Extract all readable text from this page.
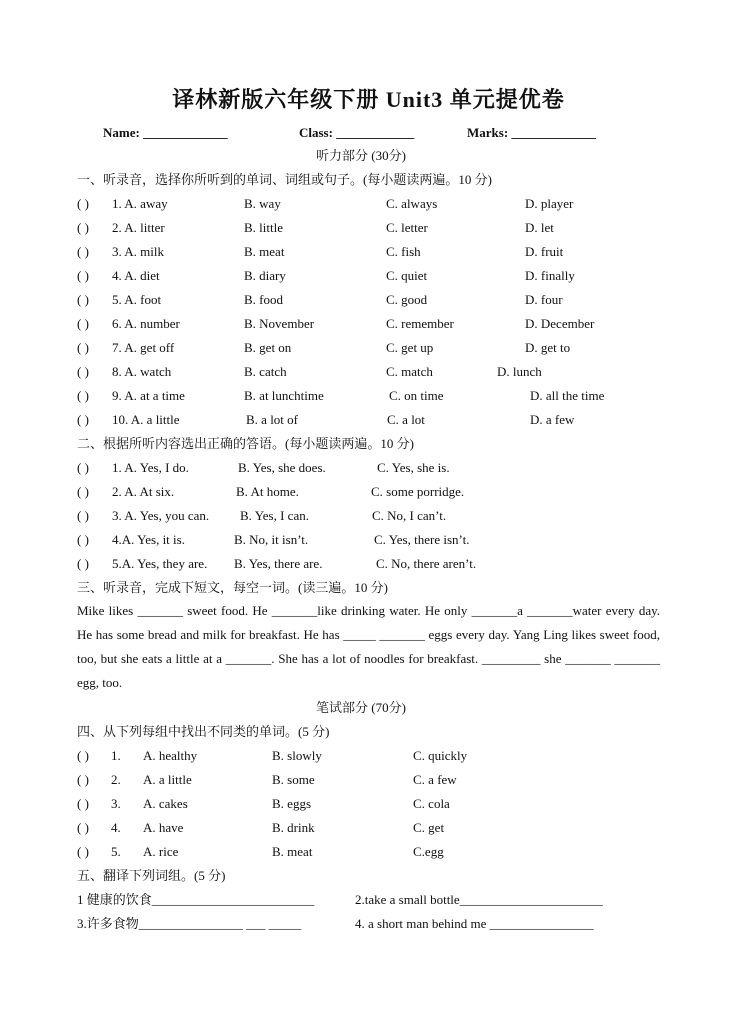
译林新版六年级下册 Unit3 单元提优卷
Name: _____________	Class: ____________	Marks: _____________
听力部分 (30分)
一、听录音，选择你所听到的单词、词组或句子。(每小题读两遍。10 分)
( ) 1. A. away	B. way	C. always	D. player
( ) 2. A. litter	B. little	C. letter	D. let
( ) 3. A. milk	B. meat	C. fish	D. fruit
( ) 4. A. diet	B. diary	C. quiet	D. finally
( ) 5. A. foot	B. food	C. good	D. four
( ) 6. A. number	B. November	C. remember	D. December
( ) 7. A. get off	B. get on	C. get up	D. get to
( ) 8. A. watch	B. catch	C. match	D. lunch
( ) 9. A. at a time	B. at lunchtime	C. on time	D. all the time
( ) 10. A. a little	B. a lot of	C. a lot	D. a few
二、根据所听内容选出正确的答语。(每小题读两遍。10 分)
( ) 1. A. Yes, I do.	B. Yes, she does.	C. Yes, she is.
( ) 2. A. At six.	B. At home.	C. some porridge.
( ) 3. A. Yes, you can. B. Yes, I can.	C. No, I can’t.
( ) 4.A. Yes, it is.	B. No, it isn’t.	C. Yes, there isn’t.
( ) 5.A. Yes, they are. B. Yes, there are.	C. No, there aren’t.
三、听录音，完成下短文，每空一词。(读三遍。10 分)
Mike likes _______ sweet food. He _______like drinking water. He only _______a _______water every day. He has some bread and milk for breakfast. He has _____ _______ eggs every day. Yang Ling likes sweet food, too, but she eats a little at a _______. She has a lot of noodles for breakfast. _________ she _______ _______ egg, too.
笔试部分 (70分)
四、从下列每组中找出不同类的单词。(5 分)
( ) 1. A. healthy	B. slowly	C. quickly
( ) 2. A. a little	B. some	C. a few
( ) 3. A. cakes	B. eggs	C. cola
( ) 4. A. have	B. drink	C. get
( ) 5. A. rice	B. meat	C.egg
五、翻译下列词组。(5 分)
1 健康的饮食_________________________	2.take a small bottle______________________
3.许多食物________________ ___ _____	4. a short man behind me ________________
